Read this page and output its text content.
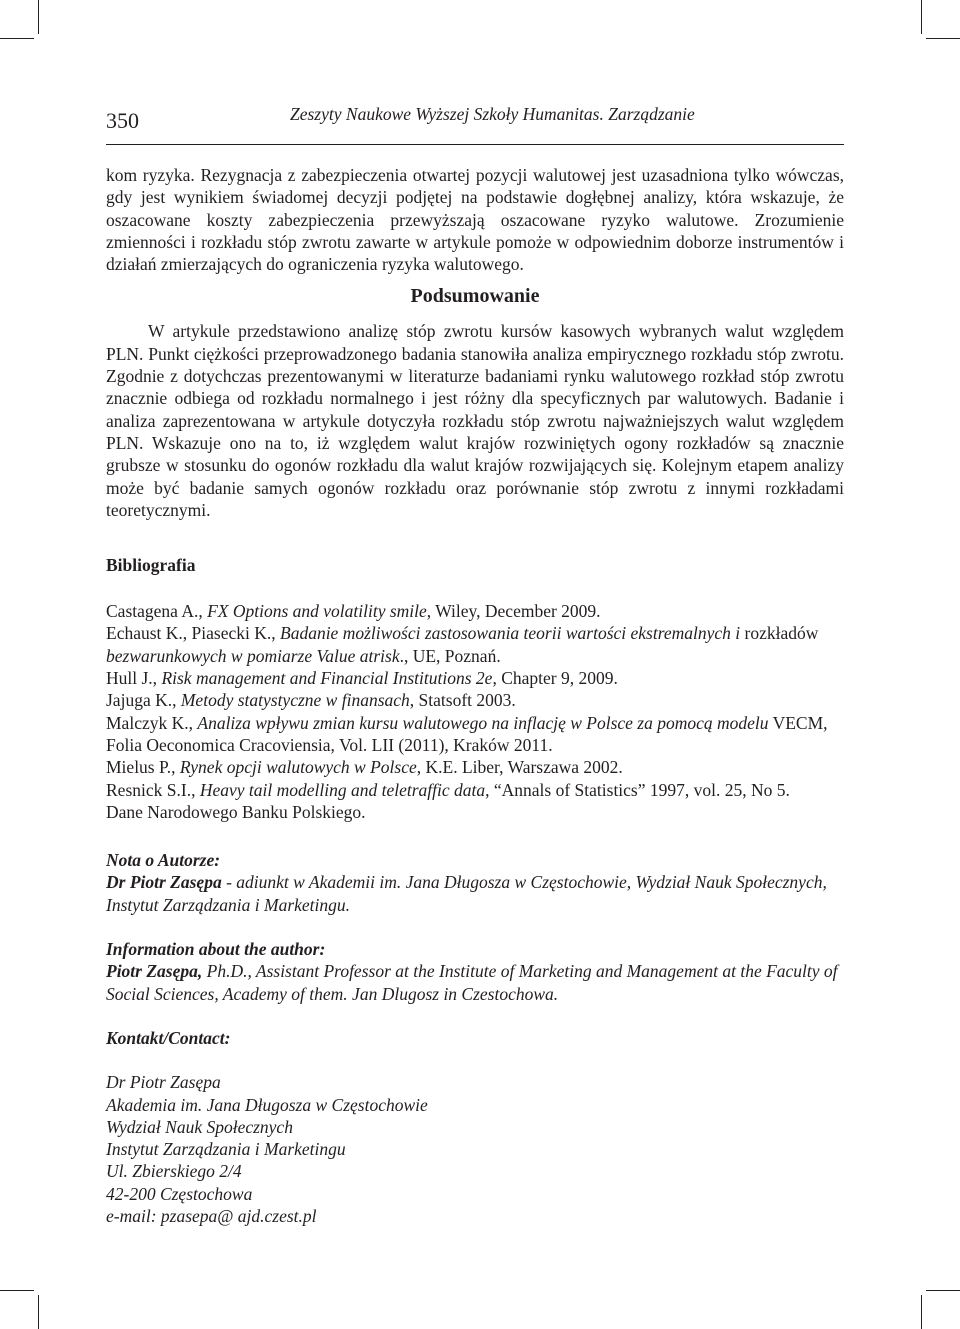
350	Zeszyty Naukowe Wyższej Szkoły Humanitas. Zarządzanie

kom ryzyka. Rezygnacja z zabezpieczenia otwartej pozycji walutowej jest uzasadniona tylko wówczas, gdy jest wynikiem świadomej decyzji podjętej na podstawie dogłębnej analizy, która wskazuje, że oszacowane koszty zabezpieczenia przewyższają oszacowane ryzyko walutowe. Zrozumienie zmienności i rozkładu stóp zwrotu zawarte w artykule pomoże w odpowiednim doborze instrumentów i działań zmierzających do ograniczenia ryzyka walutowego.

Podsumowanie

W artykule przedstawiono analizę stóp zwrotu kursów kasowych wybranych walut względem PLN. Punkt ciężkości przeprowadzonego badania stanowiła analiza empirycznego rozkładu stóp zwrotu. Zgodnie z dotychczas prezentowanymi w literaturze badaniami rynku walutowego rozkład stóp zwrotu znacznie odbiega od rozkładu normalnego i jest różny dla specyficznych par walutowych. Badanie i analiza zaprezentowana w artykule dotyczyła rozkładu stóp zwrotu najważniejszych walut względem PLN. Wskazuje ono na to, iż względem walut krajów rozwiniętych ogony rozkładów są znacznie grubsze w stosunku do ogonów rozkładu dla walut krajów rozwijających się. Kolejnym etapem analizy może być badanie samych ogonów rozkładu oraz porównanie stóp zwrotu z innymi rozkładami teoretycznymi.

Bibliografia
Castagena A., FX Options and volatility smile, Wiley, December 2009.
Echaust K., Piasecki K., Badanie możliwości zastosowania teorii wartości ekstremalnych i rozkładów bezwarunkowych w pomiarze Value atrisk., UE, Poznań.
Hull J., Risk management and Financial Institutions 2e, Chapter 9, 2009.
Jajuga K., Metody statystyczne w finansach, Statsoft 2003.
Malczyk K., Analiza wpływu zmian kursu walutowego na inflację w Polsce za pomocą modelu VECM, Folia Oeconomica Cracoviensia, Vol. LII (2011), Kraków 2011.
Mielus P., Rynek opcji walutowych w Polsce, K.E. Liber, Warszawa 2002.
Resnick S.I., Heavy tail modelling and teletraffic data, “Annals of Statistics” 1997, vol. 25, No 5.
Dane Narodowego Banku Polskiego.
Nota o Autorze:

Dr Piotr Zasępa - adiunkt w Akademii im. Jana Długosza w Częstochowie, Wydział Nauk Społecznych, Instytut Zarządzania i Marketingu.

Information about the author:

Piotr Zasępa, Ph.D., Assistant Professor at the Institute of Marketing and Management at the Faculty of Social Sciences, Academy of them. Jan Dlugosz in Czestochowa.

Kontakt/Contact:
Dr Piotr Zasępa
Akademia im. Jana Długosza w Częstochowie
Wydział Nauk Społecznych
Instytut Zarządzania i Marketingu
Ul. Zbierskiego 2/4
42-200 Częstochowa
e-mail: pzasepa@ ajd.czest.pl
